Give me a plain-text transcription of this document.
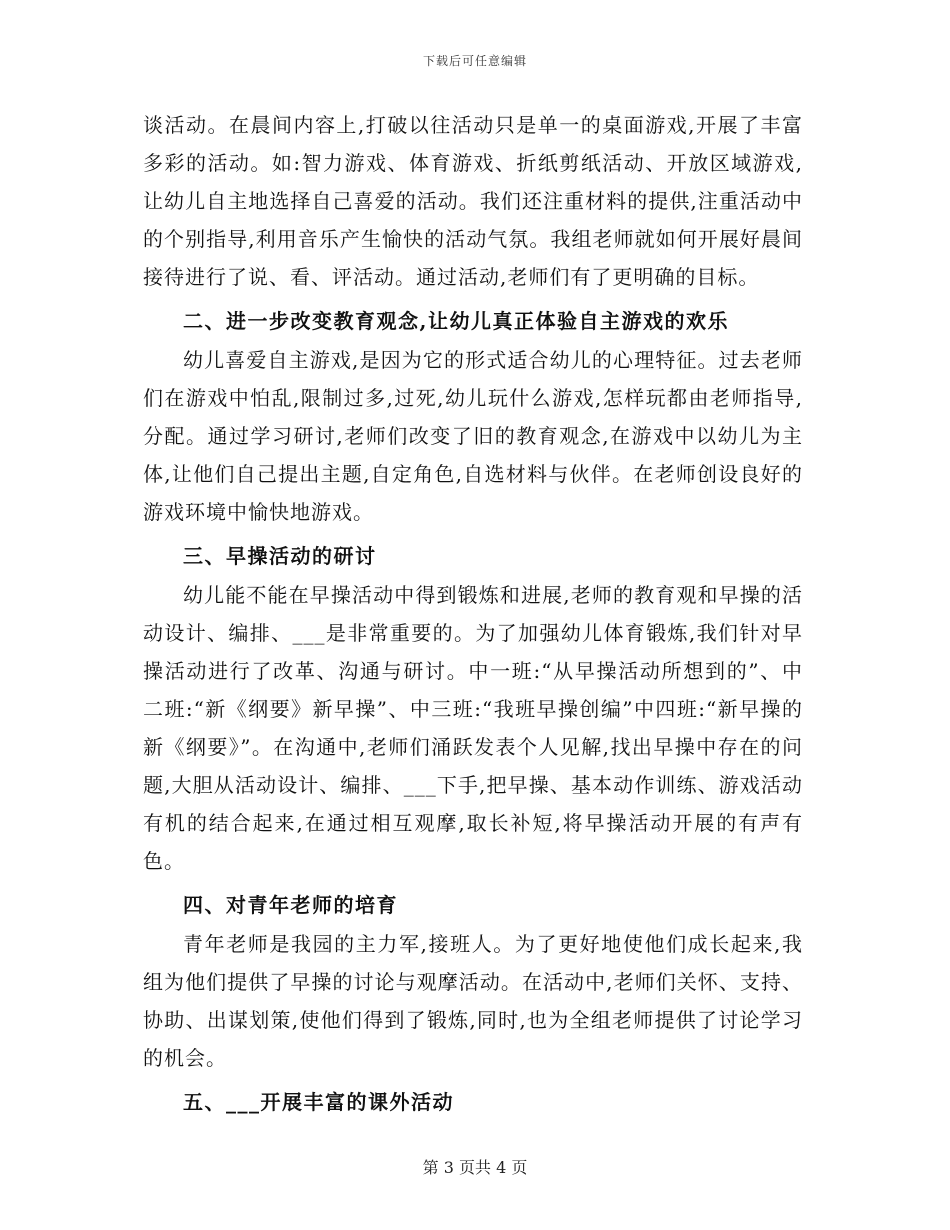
下载后可任意编辑

谈活动。在晨间内容上,打破以往活动只是单一的桌面游戏,开展了丰富多彩的活动。如:智力游戏、体育游戏、折纸剪纸活动、开放区域游戏,让幼儿自主地选择自己喜爱的活动。我们还注重材料的提供,注重活动中的个别指导,利用音乐产生愉快的活动气氛。我组老师就如何开展好晨间接待进行了说、看、评活动。通过活动,老师们有了更明确的目标。

二、进一步改变教育观念,让幼儿真正体验自主游戏的欢乐

幼儿喜爱自主游戏,是因为它的形式适合幼儿的心理特征。过去老师们在游戏中怕乱,限制过多,过死,幼儿玩什么游戏,怎样玩都由老师指导,分配。通过学习研讨,老师们改变了旧的教育观念,在游戏中以幼儿为主体,让他们自己提出主题,自定角色,自选材料与伙伴。在老师创设良好的游戏环境中愉快地游戏。

三、早操活动的研讨

幼儿能不能在早操活动中得到锻炼和进展,老师的教育观和早操的活动设计、编排、___是非常重要的。为了加强幼儿体育锻炼,我们针对早操活动进行了改革、沟通与研讨。中一班:“从早操活动所想到的”、中二班:“新《纲要》新早操”、中三班:“我班早操创编”中四班:“新早操的新《纲要》”。在沟通中,老师们涌跃发表个人见解,找出早操中存在的问题,大胆从活动设计、编排、___下手,把早操、基本动作训练、游戏活动有机的结合起来,在通过相互观摩,取长补短,将早操活动开展的有声有色。

四、对青年老师的培育

青年老师是我园的主力军,接班人。为了更好地使他们成长起来,我组为他们提供了早操的讨论与观摩活动。在活动中,老师们关怀、支持、协助、出谋划策,使他们得到了锻炼,同时,也为全组老师提供了讨论学习的机会。

五、___开展丰富的课外活动

第 3 页共 4 页
